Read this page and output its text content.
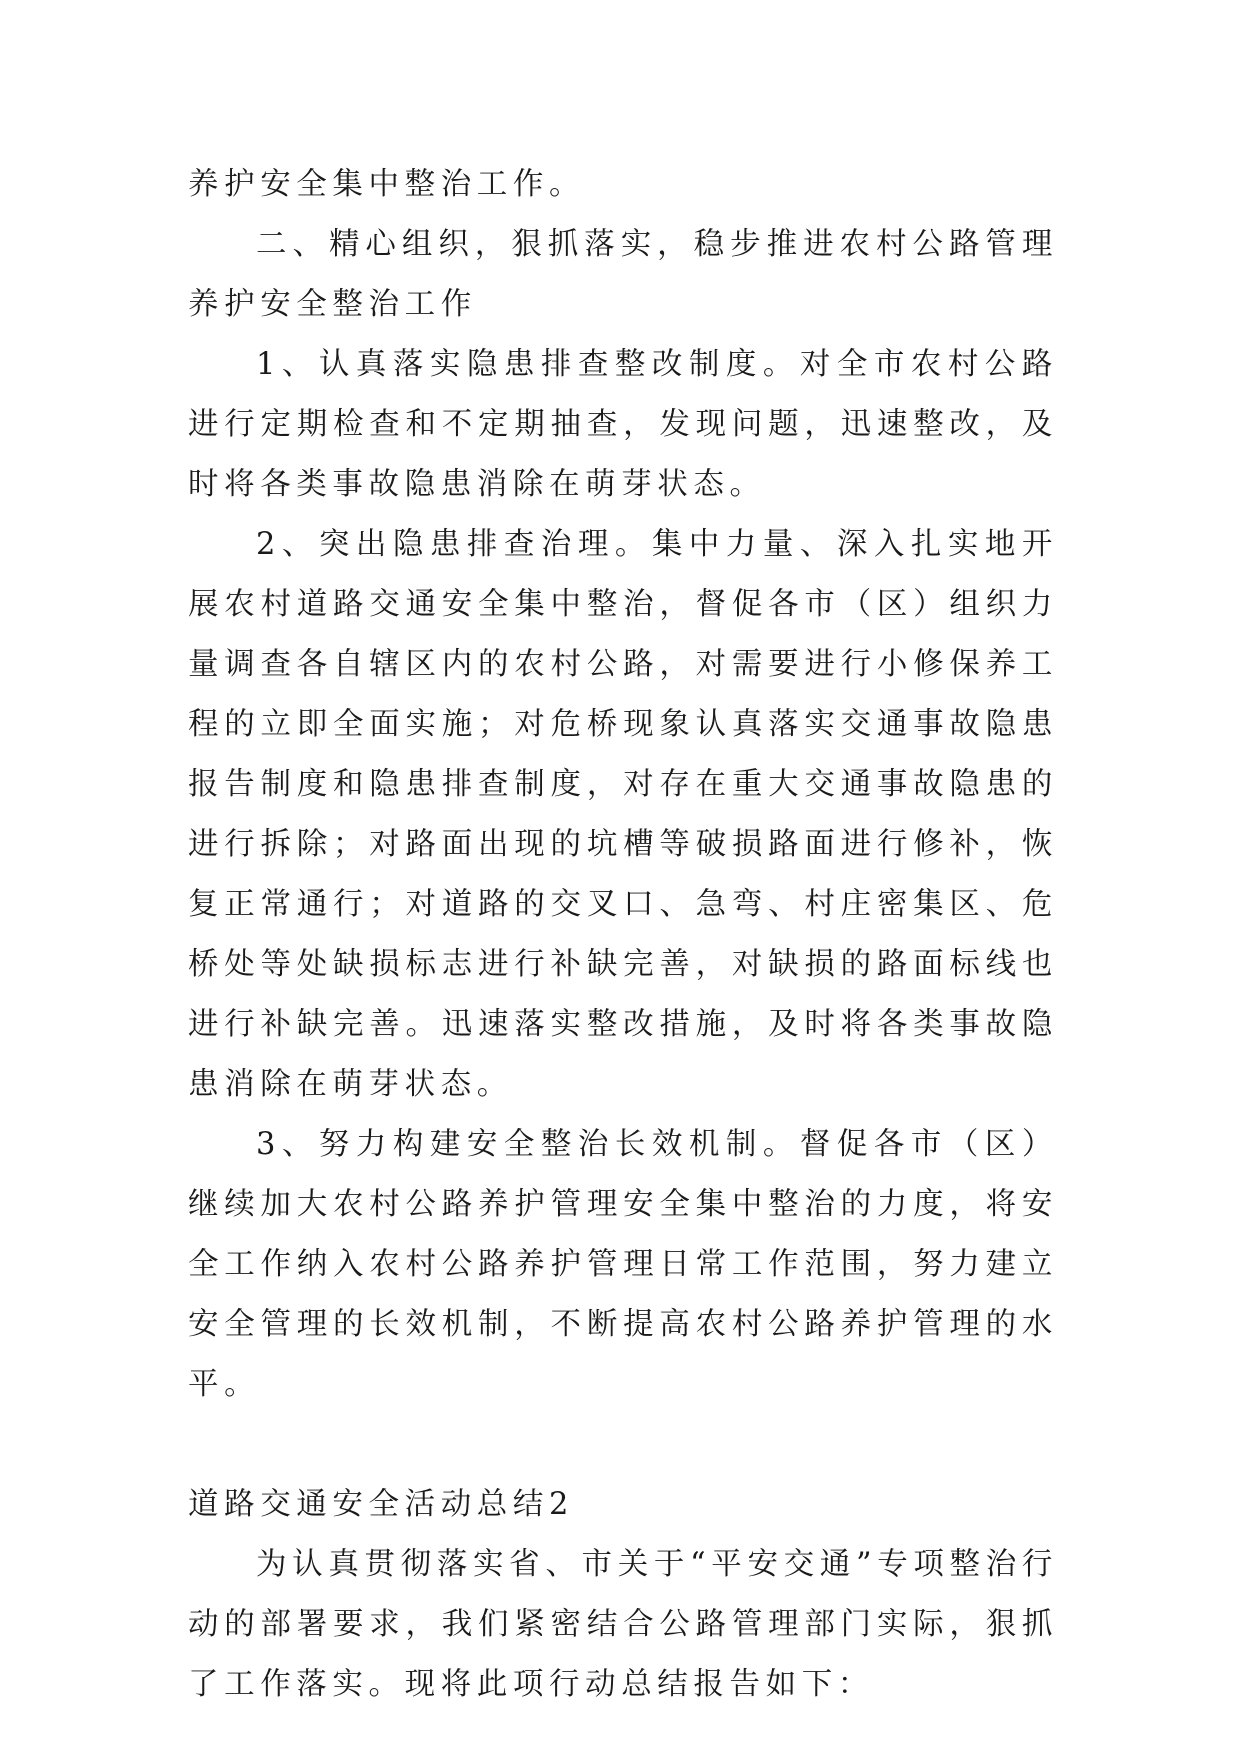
养护安全集中整治工作。

二、精心组织，狠抓落实，稳步推进农村公路管理养护安全整治工作

1、认真落实隐患排查整改制度。对全市农村公路进行定期检查和不定期抽查，发现问题，迅速整改，及时将各类事故隐患消除在萌芽状态。

2、突出隐患排查治理。集中力量、深入扎实地开展农村道路交通安全集中整治，督促各市（区）组织力量调查各自辖区内的农村公路，对需要进行小修保养工程的立即全面实施；对危桥现象认真落实交通事故隐患报告制度和隐患排查制度，对存在重大交通事故隐患的进行拆除；对路面出现的坑槽等破损路面进行修补，恢复正常通行；对道路的交叉口、急弯、村庄密集区、危桥处等处缺损标志进行补缺完善，对缺损的路面标线也进行补缺完善。迅速落实整改措施，及时将各类事故隐患消除在萌芽状态。

3、努力构建安全整治长效机制。督促各市（区）继续加大农村公路养护管理安全集中整治的力度，将安全工作纳入农村公路养护管理日常工作范围，努力建立安全管理的长效机制，不断提高农村公路养护管理的水平。

道路交通安全活动总结2

为认真贯彻落实省、市关于“平安交通”专项整治行动的部署要求，我们紧密结合公路管理部门实际，狠抓了工作落实。现将此项行动总结报告如下：
